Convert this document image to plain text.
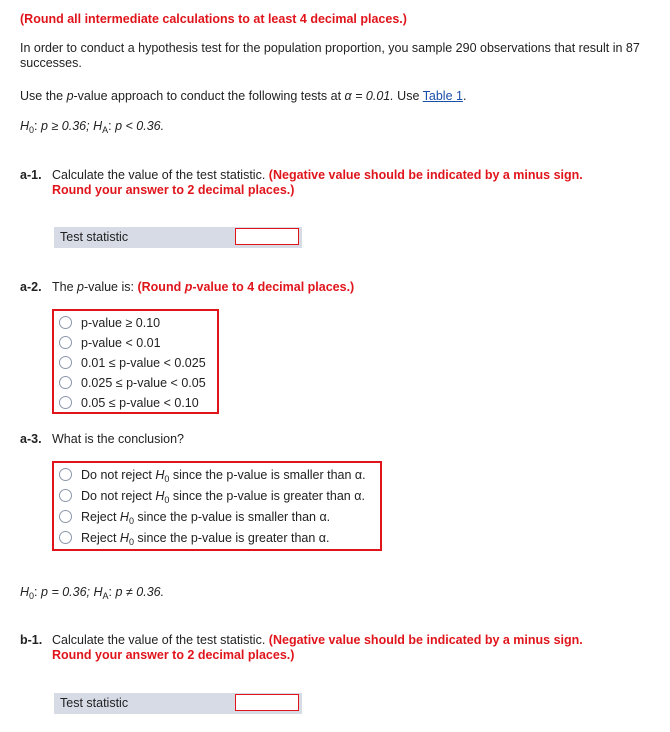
(Round all intermediate calculations to at least 4 decimal places.)
In order to conduct a hypothesis test for the population proportion, you sample 290 observations that result in 87 successes.
Use the p-value approach to conduct the following tests at α = 0.01. Use Table 1.
$H_0$: p ≥ 0.36; $H_A$: p < 0.36.
a-1. Calculate the value of the test statistic. (Negative value should be indicated by a minus sign.
Round your answer to 2 decimal places.)
Test statistic
a-2. The p-value is: (Round p-value to 4 decimal places.)
p-value ≥ 0.10
p-value < 0.01
0.01 ≤ p-value < 0.025
0.025 ≤ p-value < 0.05
0.05 ≤ p-value < 0.10
a-3. What is the conclusion?
Do not reject $H_0$ since the p-value is smaller than α.
Do not reject $H_0$ since the p-value is greater than α.
Reject $H_0$ since the p-value is smaller than α.
Reject $H_0$ since the p-value is greater than α.
$H_0$: p = 0.36; $H_A$: p ≠ 0.36.
b-1. Calculate the value of the test statistic. (Negative value should be indicated by a minus sign.
Round your answer to 2 decimal places.)
Test statistic
